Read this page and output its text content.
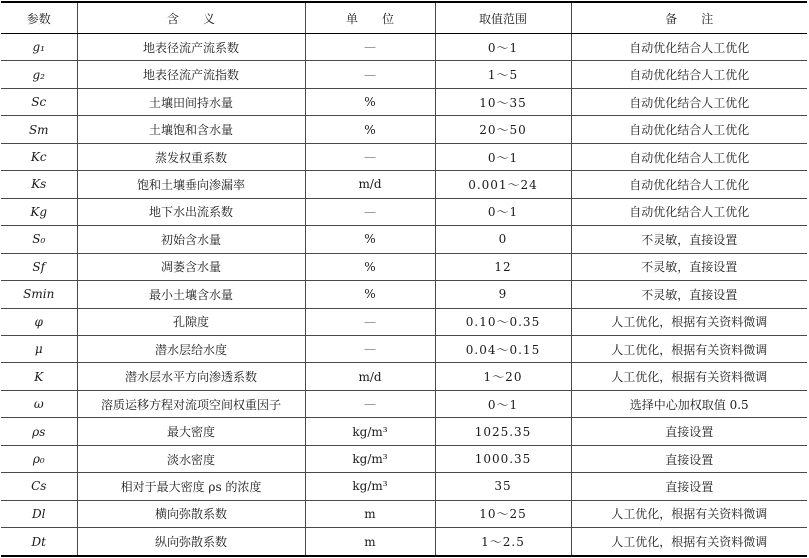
参数	含　　义	单　　位	取值范围	备　　注
g₁	地表径流产流系数	—	0～1	自动优化结合人工优化
g₂	地表径流产流指数	—	1～5	自动优化结合人工优化
Sc	土壤田间持水量	%	10～35	自动优化结合人工优化
Sm	土壤饱和含水量	%	20～50	自动优化结合人工优化
Kc	蒸发权重系数	—	0～1	自动优化结合人工优化
Ks	饱和土壤垂向渗漏率	m/d	0.001～24	自动优化结合人工优化
Kg	地下水出流系数	—	0～1	自动优化结合人工优化
S₀	初始含水量	%	0	不灵敏，直接设置
Sf	凋萎含水量	%	12	不灵敏，直接设置
Smin	最小土壤含水量	%	9	不灵敏，直接设置
φ	孔隙度	—	0.10～0.35	人工优化，根据有关资料微调
μ	潜水层给水度	—	0.04～0.15	人工优化，根据有关资料微调
K	潜水层水平方向渗透系数	m/d	1～20	人工优化，根据有关资料微调
ω	溶质运移方程对流项空间权重因子	—	0～1	选择中心加权取值 0.5
ρs	最大密度	kg/m³	1025.35	直接设置
ρ₀	淡水密度	kg/m³	1000.35	直接设置
Cs	相对于最大密度 ρs 的浓度	kg/m³	35	直接设置
Dl	横向弥散系数	m	10～25	人工优化，根据有关资料微调
Dt	纵向弥散系数	m	1～2.5	人工优化，根据有关资料微调
